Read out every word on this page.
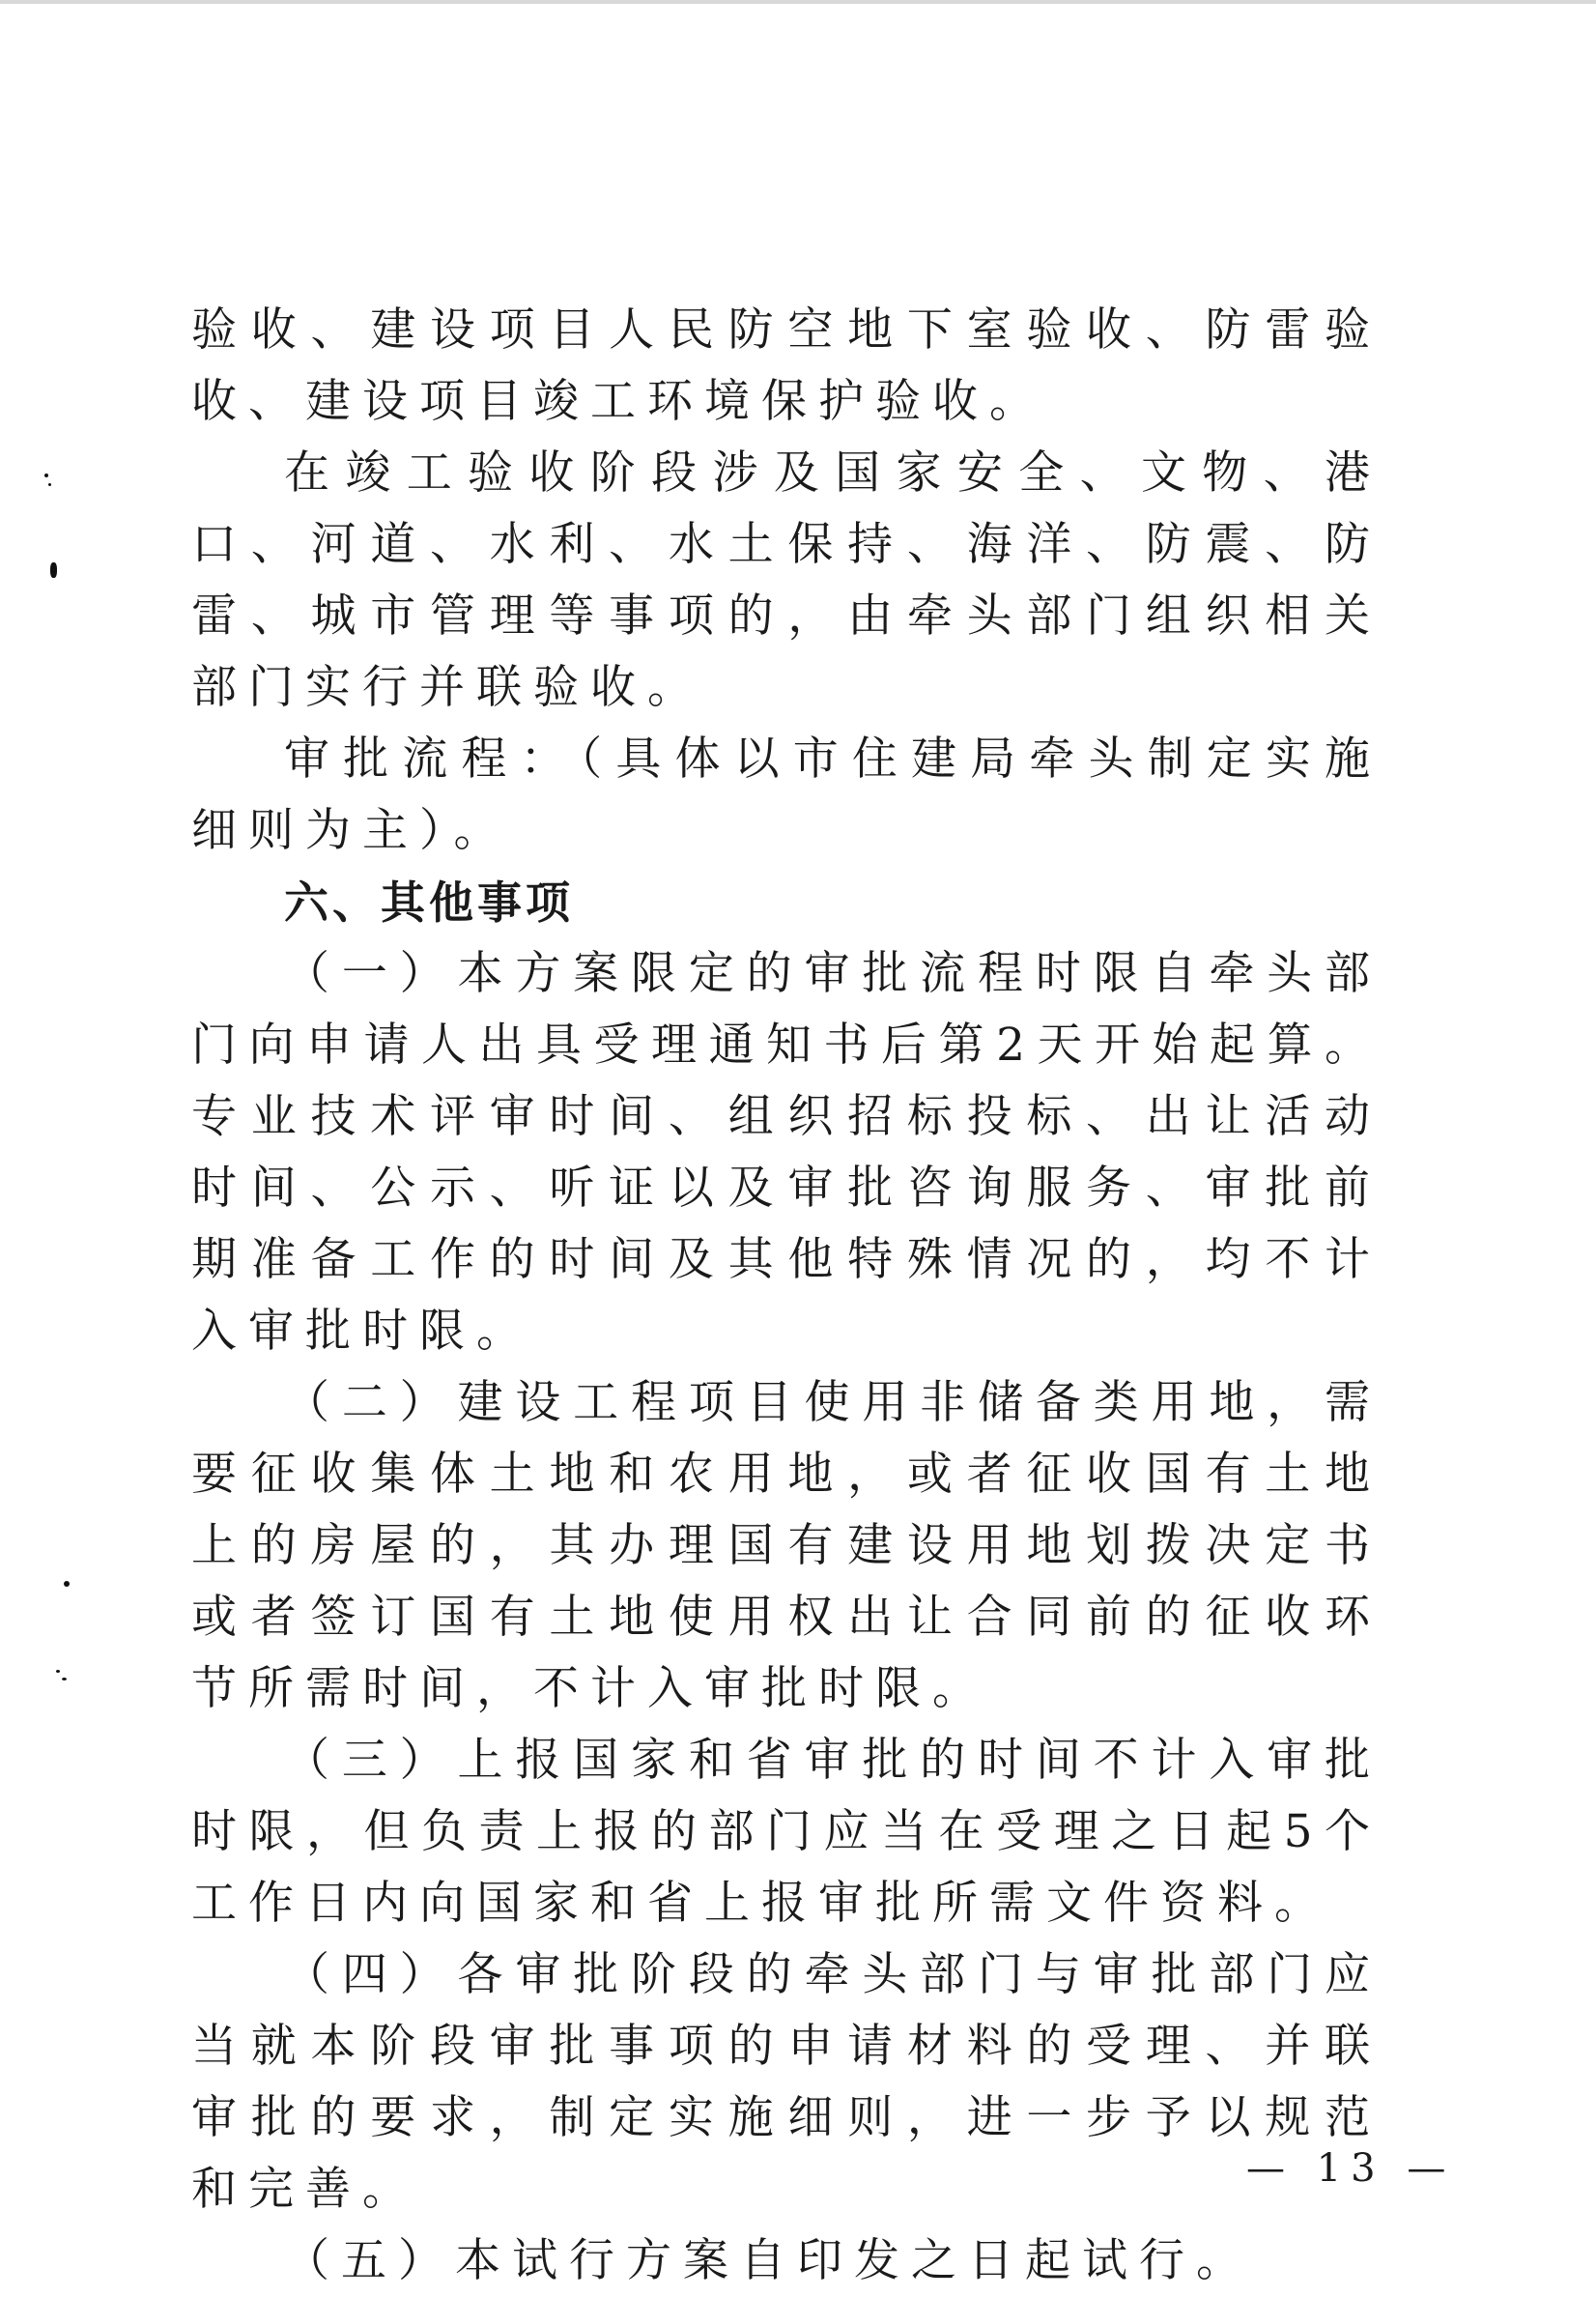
验收、建设项目人民防空地下室验收、防雷验收、建设项目竣工环境保护验收。

在竣工验收阶段涉及国家安全、文物、港口、河道、水利、水土保持、海洋、防震、防雷、城市管理等事项的，由牵头部门组织相关部门实行并联验收。

审批流程：（具体以市住建局牵头制定实施细则为主）。

六、其他事项

（一）本方案限定的审批流程时限自牵头部门向申请人出具受理通知书后第2天开始起算。专业技术评审时间、组织招标投标、出让活动时间、公示、听证以及审批咨询服务、审批前期准备工作的时间及其他特殊情况的，均不计入审批时限。

（二）建设工程项目使用非储备类用地，需要征收集体土地和农用地，或者征收国有土地上的房屋的，其办理国有建设用地划拨决定书或者签订国有土地使用权出让合同前的征收环节所需时间，不计入审批时限。

（三）上报国家和省审批的时间不计入审批时限，但负责上报的部门应当在受理之日起5个工作日内向国家和省上报审批所需文件资料。

（四）各审批阶段的牵头部门与审批部门应当就本阶段审批事项的申请材料的受理、并联审批的要求，制定实施细则，进一步予以规范和完善。

（五）本试行方案自印发之日起试行。

— 13 —
